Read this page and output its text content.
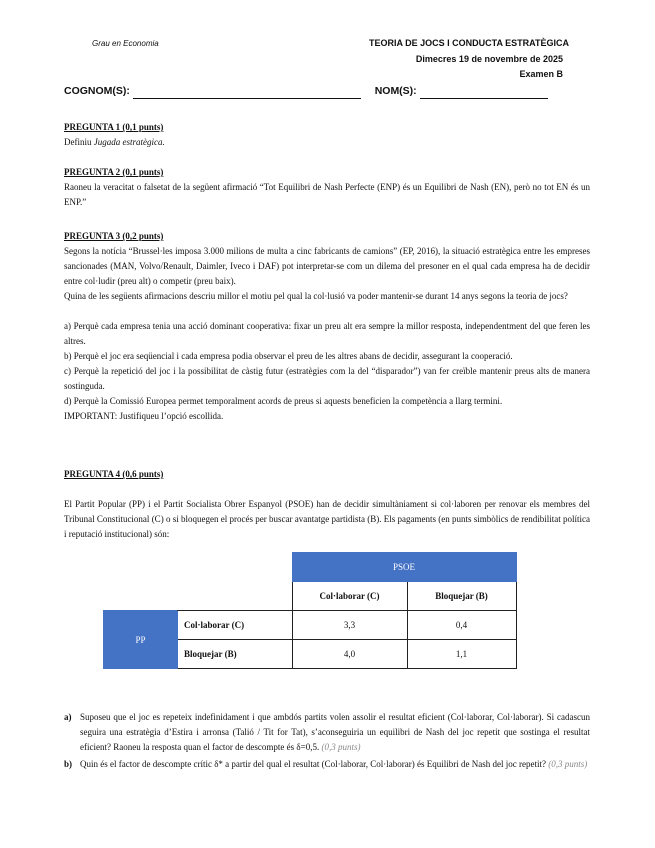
Grau en Economia	TEORIA DE JOCS I CONDUCTA ESTRATÈGICA
Dimecres 19 de novembre de 2025
Examen B
COGNOM(S):	NOM(S):

PREGUNTA 1 (0,1 punts)

Definiu Jugada estratègica.

PREGUNTA 2 (0,1 punts)

Raoneu la veracitat o falsetat de la següent afirmació “Tot Equilibri de Nash Perfecte (ENP) és un Equilibri de Nash (EN), però no tot EN és un ENP.”

PREGUNTA 3 (0,2 punts)

Segons la notícia “Brussel·les imposa 3.000 milions de multa a cinc fabricants de camions” (EP, 2016), la situació estratègica entre les empreses sancionades (MAN, Volvo/Renault, Daimler, Iveco i DAF) pot interpretar-se com un dilema del presoner en el qual cada empresa ha de decidir entre col·ludir (preu alt) o competir (preu baix).

Quina de les següents afirmacions descriu millor el motiu pel qual la col·lusió va poder mantenir-se durant 14 anys segons la teoria de jocs?

a) Perquè cada empresa tenia una acció dominant cooperativa: fixar un preu alt era sempre la millor resposta, independentment del que feren les altres.

b) Perquè el joc era seqüencial i cada empresa podia observar el preu de les altres abans de decidir, assegurant la cooperació.

c) Perquè la repetició del joc i la possibilitat de càstig futur (estratègies com la del “disparador”) van fer creïble mantenir preus alts de manera sostinguda.

d) Perquè la Comissió Europea permet temporalment acords de preus si aquests beneficien la competència a llarg termini.

IMPORTANT: Justifiqueu l’opció escollida.

PREGUNTA 4 (0,6 punts)

El Partit Popular (PP) i el Partit Socialista Obrer Espanyol (PSOE) han de decidir simultàniament si col·laboren per renovar els membres del Tribunal Constitucional (C) o si bloquegen el procés per buscar avantatge partidista (B). Els pagaments (en punts simbòlics de rendibilitat política i reputació institucional) són:

		PSOE	
		Col·laborar (C)	Bloquejar (B)
PP	Col·laborar (C)	3,3	0,4
	Bloquejar (B)	4,0	1,1
a) Suposeu que el joc es repeteix indefinidament i que ambdós partits volen assolir el resultat eficient (Col·laborar, Col·laborar). Si cadascun seguira una estratègia d’Estira i arronsa (Talió / Tit for Tat), s’aconseguiria un equilibri de Nash del joc repetit que sostinga el resultat eficient? Raoneu la resposta quan el factor de descompte és δ=0,5. (0,3 punts)

b) Quin és el factor de descompte crític δ* a partir del qual el resultat (Col·laborar, Col·laborar) és Equilibri de Nash del joc repetit? (0,3 punts)
